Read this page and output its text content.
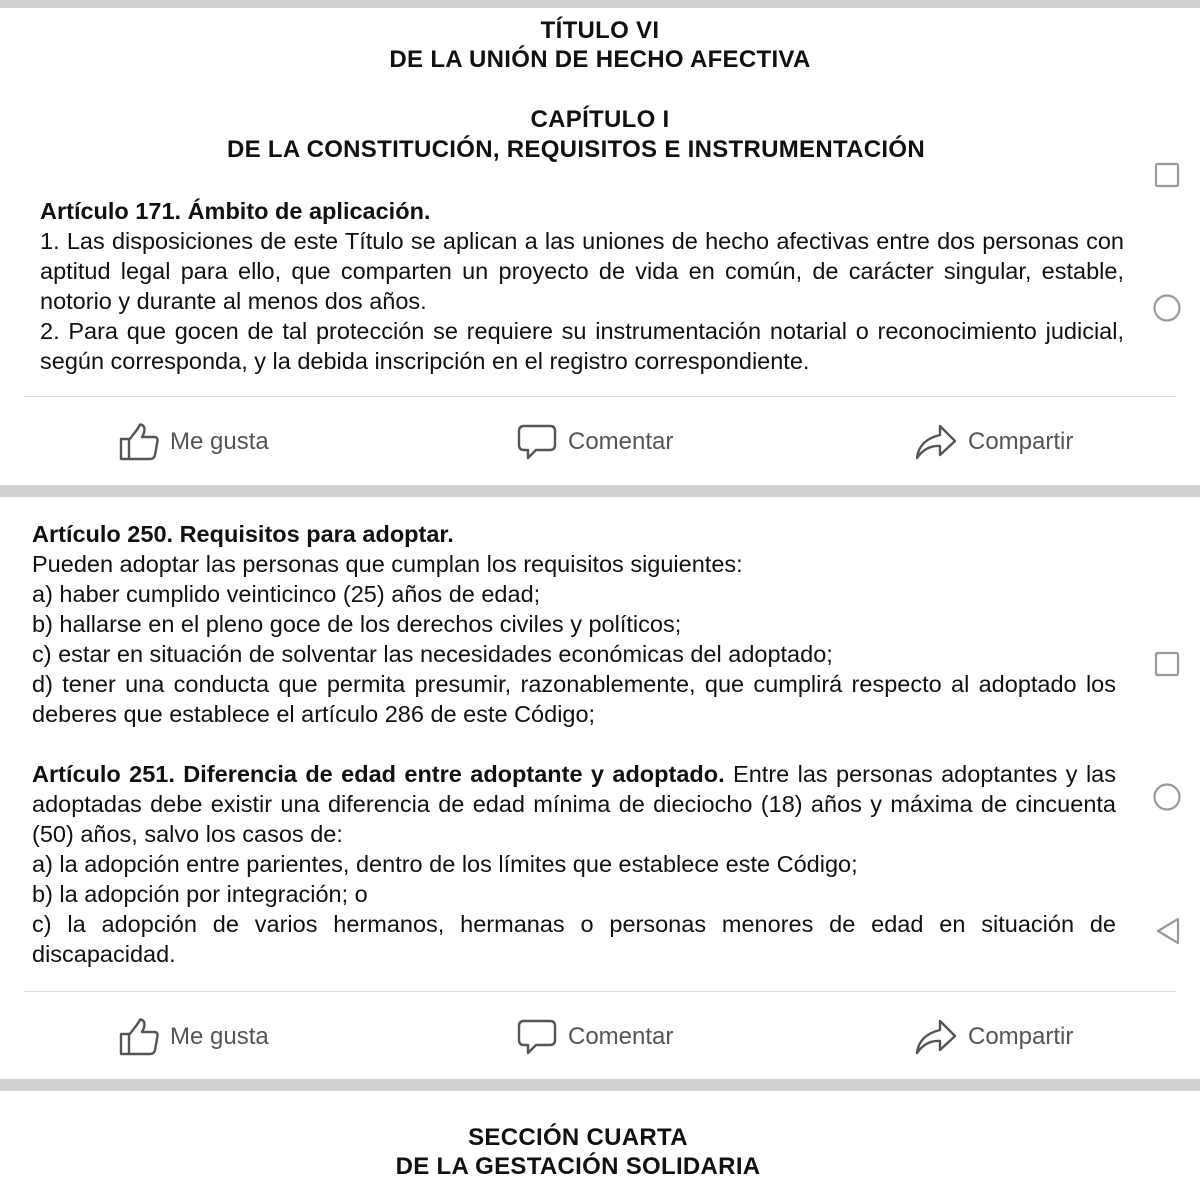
TÍTULO VI
DE LA UNIÓN DE HECHO AFECTIVA
CAPÍTULO I
DE LA CONSTITUCIÓN, REQUISITOS E INSTRUMENTACIÓN

Artículo 171. Ámbito de aplicación.

1. Las disposiciones de este Título se aplican a las uniones de hecho afectivas entre dos personas con aptitud legal para ello, que comparten un proyecto de vida en común, de carácter singular, estable, notorio y durante al menos dos años.

2. Para que gocen de tal protección se requiere su instrumentación notarial o reconocimiento judicial, según corresponda, y la debida inscripción en el registro correspondiente.

Me gusta	Comentar	Compartir

Artículo 250. Requisitos para adoptar.

Pueden adoptar las personas que cumplan los requisitos siguientes:

a) haber cumplido veinticinco (25) años de edad;

b) hallarse en el pleno goce de los derechos civiles y políticos;

c) estar en situación de solventar las necesidades económicas del adoptado;

d) tener una conducta que permita presumir, razonablemente, que cumplirá respecto al adoptado los deberes que establece el artículo 286 de este Código;

Artículo 251. Diferencia de edad entre adoptante y adoptado. Entre las personas adoptantes y las adoptadas debe existir una diferencia de edad mínima de dieciocho (18) años y máxima de cincuenta (50) años, salvo los casos de:

a) la adopción entre parientes, dentro de los límites que establece este Código;

b) la adopción por integración; o

c) la adopción de varios hermanos, hermanas o personas menores de edad en situación de discapacidad.

Me gusta	Comentar	Compartir
SECCIÓN CUARTA
DE LA GESTACIÓN SOLIDARIA
